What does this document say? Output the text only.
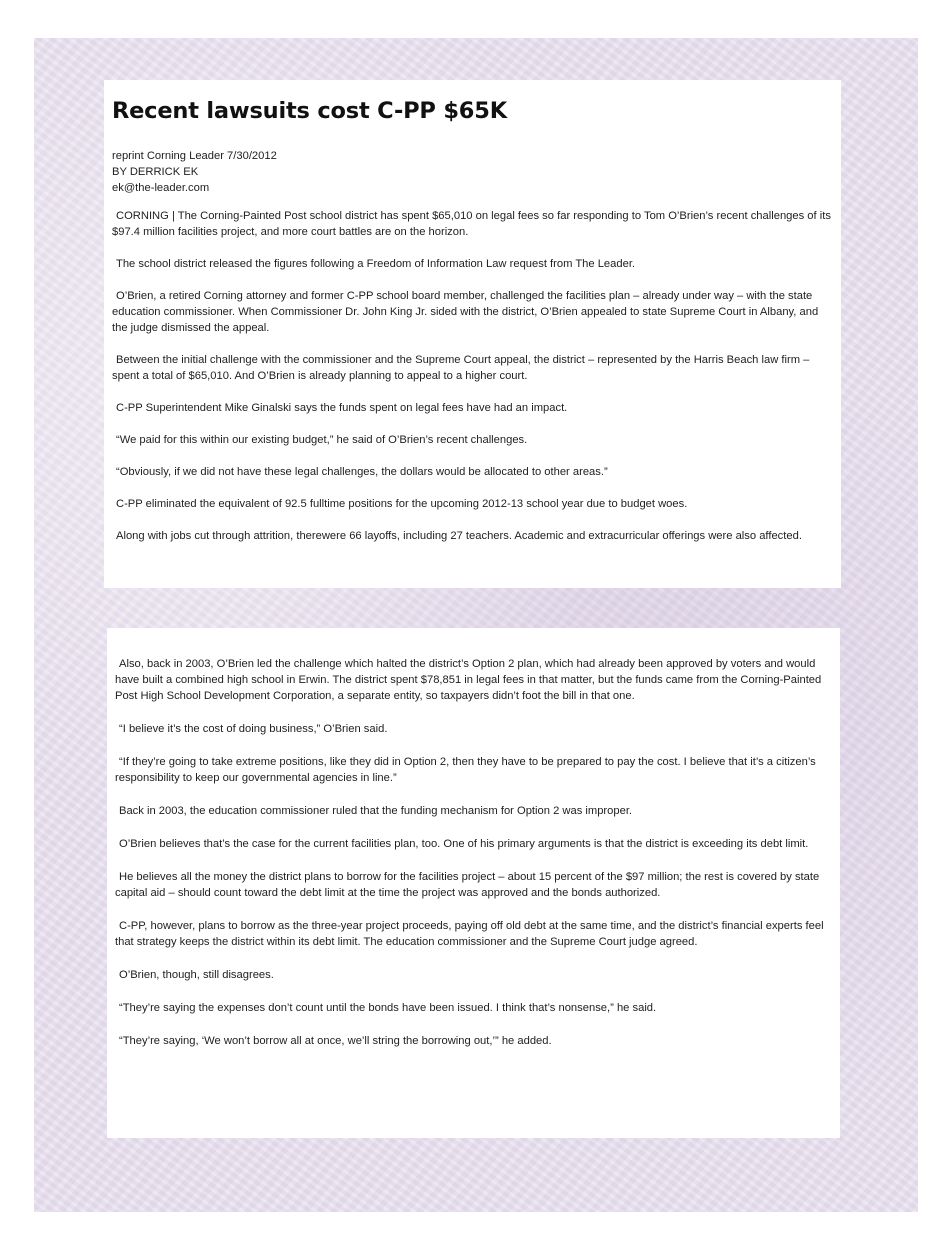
Recent lawsuits cost C-PP $65K
reprint Corning Leader 7/30/2012
BY DERRICK EK
ek@the-leader.com

CORNING | The Corning-Painted Post school district has spent $65,010 on legal fees so far responding to Tom O’Brien’s recent challenges of its $97.4 million facilities project, and more court battles are on the horizon.

The school district released the figures following a Freedom of Information Law request from The Leader.

O’Brien, a retired Corning attorney and former C-PP school board member, challenged the facilities plan – already under way – with the state education commissioner. When Commissioner Dr. John King Jr. sided with the district, O’Brien appealed to state Supreme Court in Albany, and the judge dismissed the appeal.

Between the initial challenge with the commissioner and the Supreme Court appeal, the district – represented by the Harris Beach law firm – spent a total of $65,010. And O’Brien is already planning to appeal to a higher court.

C-PP Superintendent Mike Ginalski says the funds spent on legal fees have had an impact.

“We paid for this within our existing budget,” he said of O’Brien’s recent challenges.

“Obviously, if we did not have these legal challenges, the dollars would be allocated to other areas.”

C-PP eliminated the equivalent of 92.5 fulltime positions for the upcoming 2012-13 school year due to budget woes.

Along with jobs cut through attrition, therewere 66 layoffs, including 27 teachers. Academic and extracurricular offerings were also affected.

Also, back in 2003, O’Brien led the challenge which halted the district’s Option 2 plan, which had already been approved by voters and would have built a combined high school in Erwin. The district spent $78,851 in legal fees in that matter, but the funds came from the Corning-Painted Post High School Development Corporation, a separate entity, so taxpayers didn’t foot the bill in that one.

“I believe it’s the cost of doing business,” O’Brien said.

“If they’re going to take extreme positions, like they did in Option 2, then they have to be prepared to pay the cost. I believe that it’s a citizen’s responsibility to keep our governmental agencies in line.”

Back in 2003, the education commissioner ruled that the funding mechanism for Option 2 was improper.

O’Brien believes that’s the case for the current facilities plan, too. One of his primary arguments is that the district is exceeding its debt limit.

He believes all the money the district plans to borrow for the facilities project – about 15 percent of the $97 million; the rest is covered by state capital aid – should count toward the debt limit at the time the project was approved and the bonds authorized.

C-PP, however, plans to borrow as the three-year project proceeds, paying off old debt at the same time, and the district’s financial experts feel that strategy keeps the district within its debt limit. The education commissioner and the Supreme Court judge agreed.

O’Brien, though, still disagrees.

“They’re saying the expenses don’t count until the bonds have been issued. I think that’s nonsense,” he said.

“They’re saying, ‘We won’t borrow all at once, we’ll string the borrowing out,’” he added.
